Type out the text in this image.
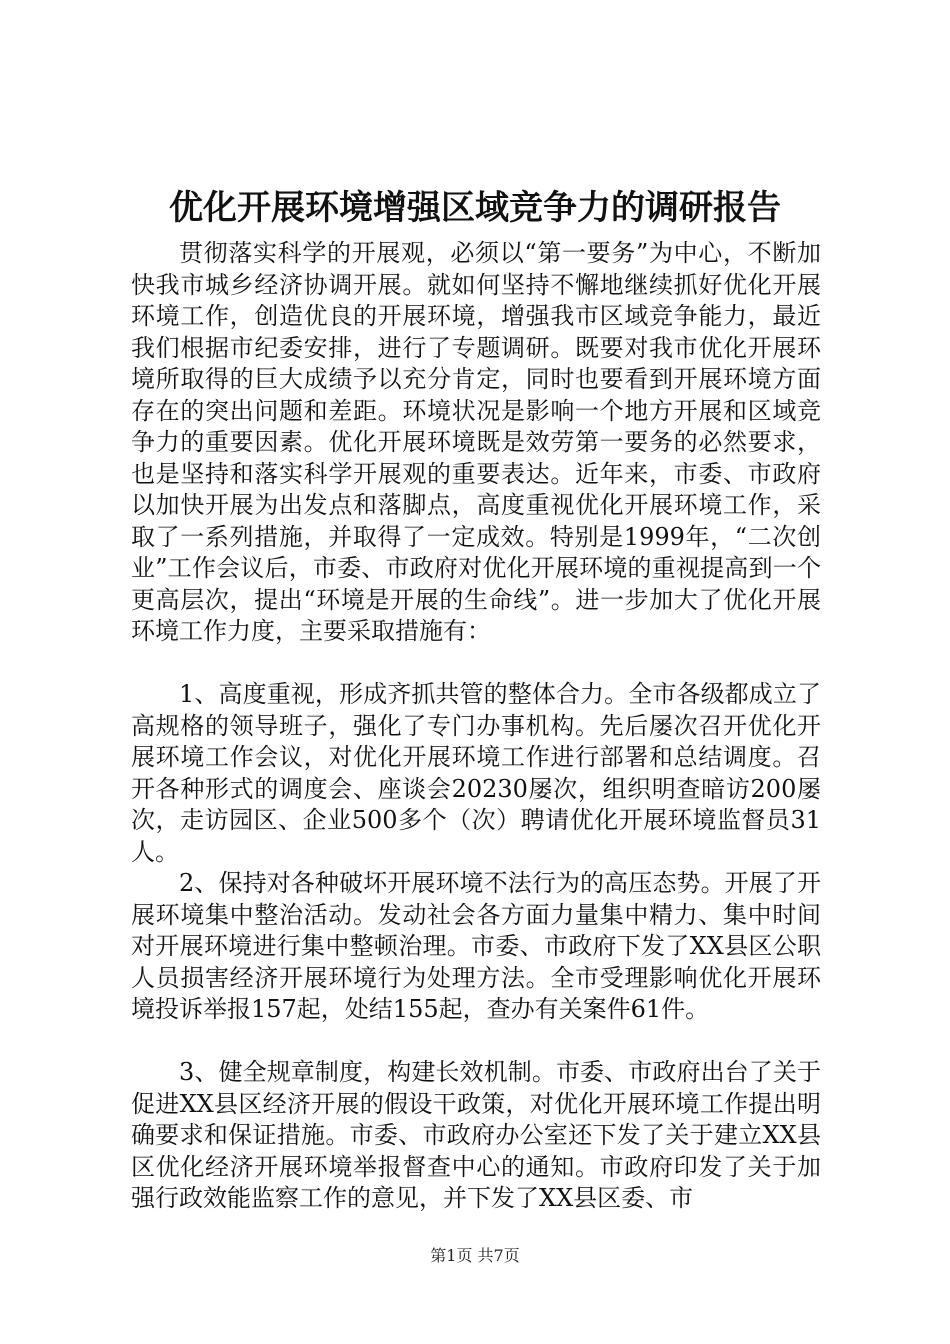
优化开展环境增强区域竞争力的调研报告

贯彻落实科学的开展观，必须以“第一要务”为中心，不断加快我市城乡经济协调开展。就如何坚持不懈地继续抓好优化开展环境工作，创造优良的开展环境，增强我市区域竞争能力，最近我们根据市纪委安排，进行了专题调研。既要对我市优化开展环境所取得的巨大成绩予以充分肯定，同时也要看到开展环境方面存在的突出问题和差距。环境状况是影响一个地方开展和区域竞争力的重要因素。优化开展环境既是效劳第一要务的必然要求，也是坚持和落实科学开展观的重要表达。近年来，市委、市政府以加快开展为出发点和落脚点，高度重视优化开展环境工作，采取了一系列措施，并取得了一定成效。特别是1999年，“二次创业”工作会议后，市委、市政府对优化开展环境的重视提高到一个更高层次，提出“环境是开展的生命线”。进一步加大了优化开展环境工作力度，主要采取措施有：

1、高度重视，形成齐抓共管的整体合力。全市各级都成立了高规格的领导班子，强化了专门办事机构。先后屡次召开优化开展环境工作会议，对优化开展环境工作进行部署和总结调度。召开各种形式的调度会、座谈会20230屡次，组织明查暗访200屡次，走访园区、企业500多个（次）聘请优化开展环境监督员31人。

2、保持对各种破坏开展环境不法行为的高压态势。开展了开展环境集中整治活动。发动社会各方面力量集中精力、集中时间对开展环境进行集中整顿治理。市委、市政府下发了XX县区公职人员损害经济开展环境行为处理方法。全市受理影响优化开展环境投诉举报157起，处结155起，查办有关案件61件。

3、健全规章制度，构建长效机制。市委、市政府出台了关于促进XX县区经济开展的假设干政策，对优化开展环境工作提出明确要求和保证措施。市委、市政府办公室还下发了关于建立XX县区优化经济开展环境举报督查中心的通知。市政府印发了关于加强行政效能监察工作的意见，并下发了XX县区委、市

第1页 共7页
